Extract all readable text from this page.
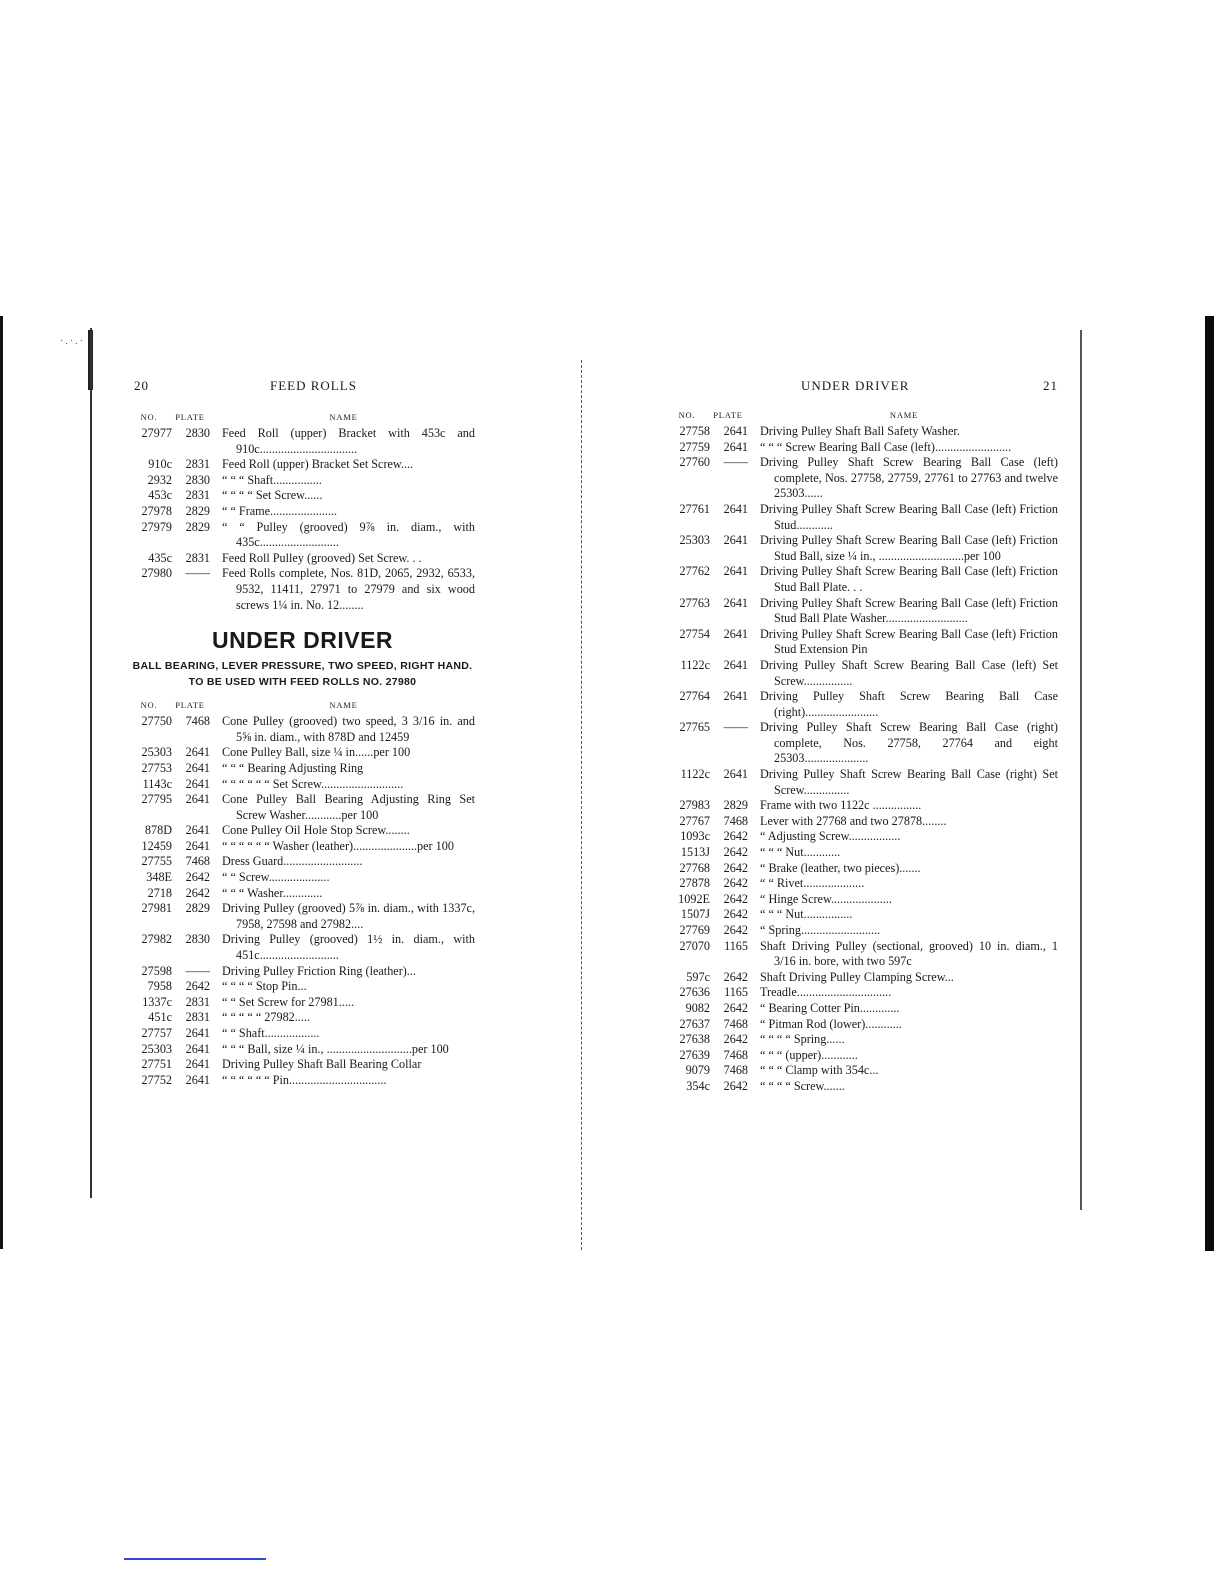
·.·.·
20	FEED ROLLS
NO.	PLATE	NAME
27977	2830 Feed Roll (upper) Bracket with 453c and 910c................................
910c	2831 Feed Roll (upper) Bracket Set Screw....
2932	2830 “ “ “ Shaft................
453c	2831 “ “ “ “ Set Screw......
27978	2829 “ “ Frame......................
27979	2829 “ “ Pulley (grooved) 9⅞ in. diam., with 435c..........................
435c	2831 Feed Roll Pulley (grooved) Set Screw. . .
27980	—— Feed Rolls complete, Nos. 81D, 2065, 2932, 6533, 9532, 11411, 27971 to 27979 and six wood screws 1¼ in. No. 12........
UNDER DRIVER
BALL BEARING, LEVER PRESSURE, TWO SPEED, RIGHT HAND.
TO BE USED WITH FEED ROLLS NO. 27980
NO.	PLATE	NAME
27750	7468 Cone Pulley (grooved) two speed, 3 3/16 in. and 5⅝ in. diam., with 878D and 12459
25303	2641 Cone Pulley Ball, size ¼ in......per 100
27753	2641 “ “ “ Bearing Adjusting Ring
1143c	2641 “ “ “ “ “ “ Set Screw...........................
27795	2641 Cone Pulley Ball Bearing Adjusting Ring Set Screw Washer............per 100
878D	2641 Cone Pulley Oil Hole Stop Screw........
12459	2641 “ “ “ “ “ “ Washer (leather).....................per 100
27755	7468 Dress Guard..........................
348E	2642 “ “ Screw....................
2718	2642 “ “ “ Washer.............
27981	2829 Driving Pulley (grooved) 5⅞ in. diam., with 1337c, 7958, 27598 and 27982....
27982	2830 Driving Pulley (grooved) 1½ in. diam., with 451c..........................
27598	—— Driving Pulley Friction Ring (leather)...
7958	2642 “ “ “ “ Stop Pin...
1337c	2831 “ “ Set Screw for 27981.....
451c	2831 “ “ “ “ “ 27982.....
27757	2641 “ “ Shaft..................
25303	2641 “ “ “ Ball, size ¼ in., ............................per 100
27751	2641 Driving Pulley Shaft Ball Bearing Collar
27752	2641 “ “ “ “ “ “ Pin................................
UNDER DRIVER	21
NO.	PLATE	NAME
27758	2641 Driving Pulley Shaft Ball Safety Washer.
27759	2641 “ “ “ Screw Bearing Ball Case (left).........................
27760	—— Driving Pulley Shaft Screw Bearing Ball Case (left) complete, Nos. 27758, 27759, 27761 to 27763 and twelve 25303......
27761	2641 Driving Pulley Shaft Screw Bearing Ball Case (left) Friction Stud............
25303	2641 Driving Pulley Shaft Screw Bearing Ball Case (left) Friction Stud Ball, size ¼ in., ............................per 100
27762	2641 Driving Pulley Shaft Screw Bearing Ball Case (left) Friction Stud Ball Plate. . .
27763	2641 Driving Pulley Shaft Screw Bearing Ball Case (left) Friction Stud Ball Plate Washer...........................
27754	2641 Driving Pulley Shaft Screw Bearing Ball Case (left) Friction Stud Extension Pin
1122c	2641 Driving Pulley Shaft Screw Bearing Ball Case (left) Set Screw................
27764	2641 Driving Pulley Shaft Screw Bearing Ball Case (right)........................
27765	—— Driving Pulley Shaft Screw Bearing Ball Case (right) complete, Nos. 27758, 27764 and eight 25303.....................
1122c	2641 Driving Pulley Shaft Screw Bearing Ball Case (right) Set Screw...............
27983	2829 Frame with two 1122c ................
27767	7468 Lever with 27768 and two 27878........
1093c	2642 “ Adjusting Screw.................
1513J	2642 “ “ “ Nut............
27768	2642 “ Brake (leather, two pieces).......
27878	2642 “ “ Rivet....................
1092E	2642 “ Hinge Screw....................
1507J	2642 “ “ “ Nut................
27769	2642 “ Spring..........................
27070	1165 Shaft Driving Pulley (sectional, grooved) 10 in. diam., 1 3/16 in. bore, with two 597c
597c	2642 Shaft Driving Pulley Clamping Screw...
27636	1165 Treadle...............................
9082	2642 “ Bearing Cotter Pin.............
27637	7468 “ Pitman Rod (lower)............
27638	2642 “ “ “ “ Spring......
27639	7468 “ “ “ (upper)............
9079	7468 “ “ “ Clamp with 354c...
354c	2642 “ “ “ “ Screw.......
